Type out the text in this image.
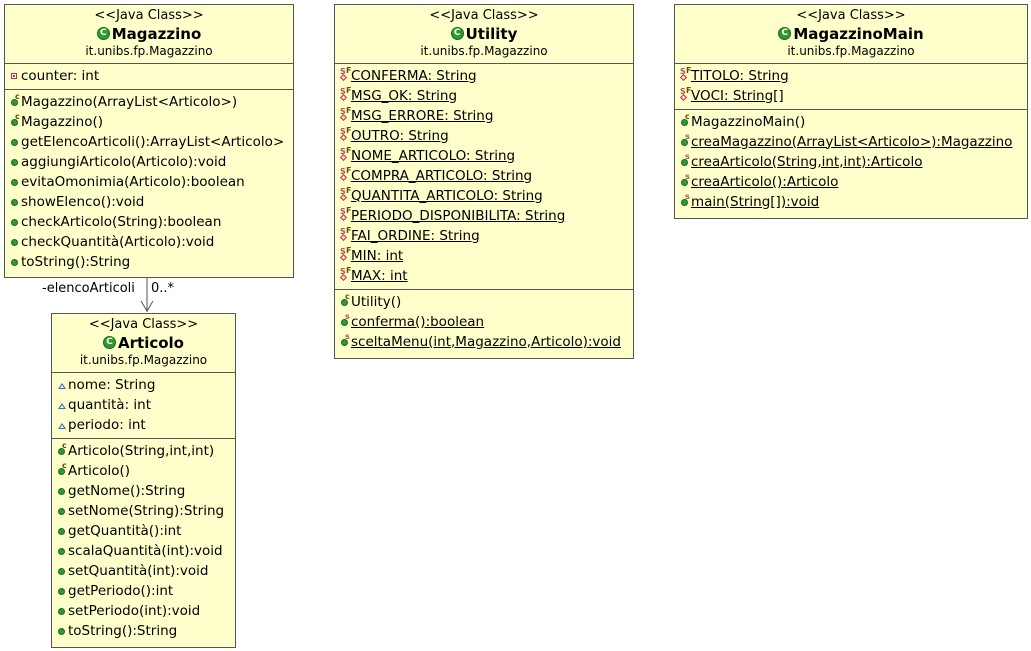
<<Java Class>>
C Magazzino
it.unibs.fp.Magazzino
counter: int
c Magazzino(ArrayList<Articolo>)
c Magazzino()
getElencoArticoli():ArrayList<Articolo>
aggiungiArticolo(Articolo):void
evitaOmonimia(Articolo):boolean
showElenco():void
checkArticolo(String):boolean
checkQuantità(Articolo):void
toString():String
-elencoArticoli 0..*
<<Java Class>>
C Articolo
it.unibs.fp.Magazzino
nome: String
quantità: int
periodo: int
c Articolo(String,int,int)
c Articolo()
getNome():String
setNome(String):String
getQuantità():int
scalaQuantità(int):void
setQuantità(int):void
getPeriodo():int
setPeriodo(int):void
toString():String
<<Java Class>>
C Utility
it.unibs.fp.Magazzino
S F CONFERMA: String
S F MSG_OK: String
S F MSG_ERRORE: String
S F OUTRO: String
S F NOME_ARTICOLO: String
S F COMPRA_ARTICOLO: String
S F QUANTITA_ARTICOLO: String
S F PERIODO_DISPONIBILITA: String
S F FAI_ORDINE: String
S F MIN: int
S F MAX: int
c Utility()
s conferma():boolean
s sceltaMenu(int,Magazzino,Articolo):void
<<Java Class>>
C MagazzinoMain
it.unibs.fp.Magazzino
S F TITOLO: String
S F VOCI: String[]
c MagazzinoMain()
s creaMagazzino(ArrayList<Articolo>):Magazzino
s creaArticolo(String,int,int):Articolo
s creaArticolo():Articolo
s main(String[]):void
